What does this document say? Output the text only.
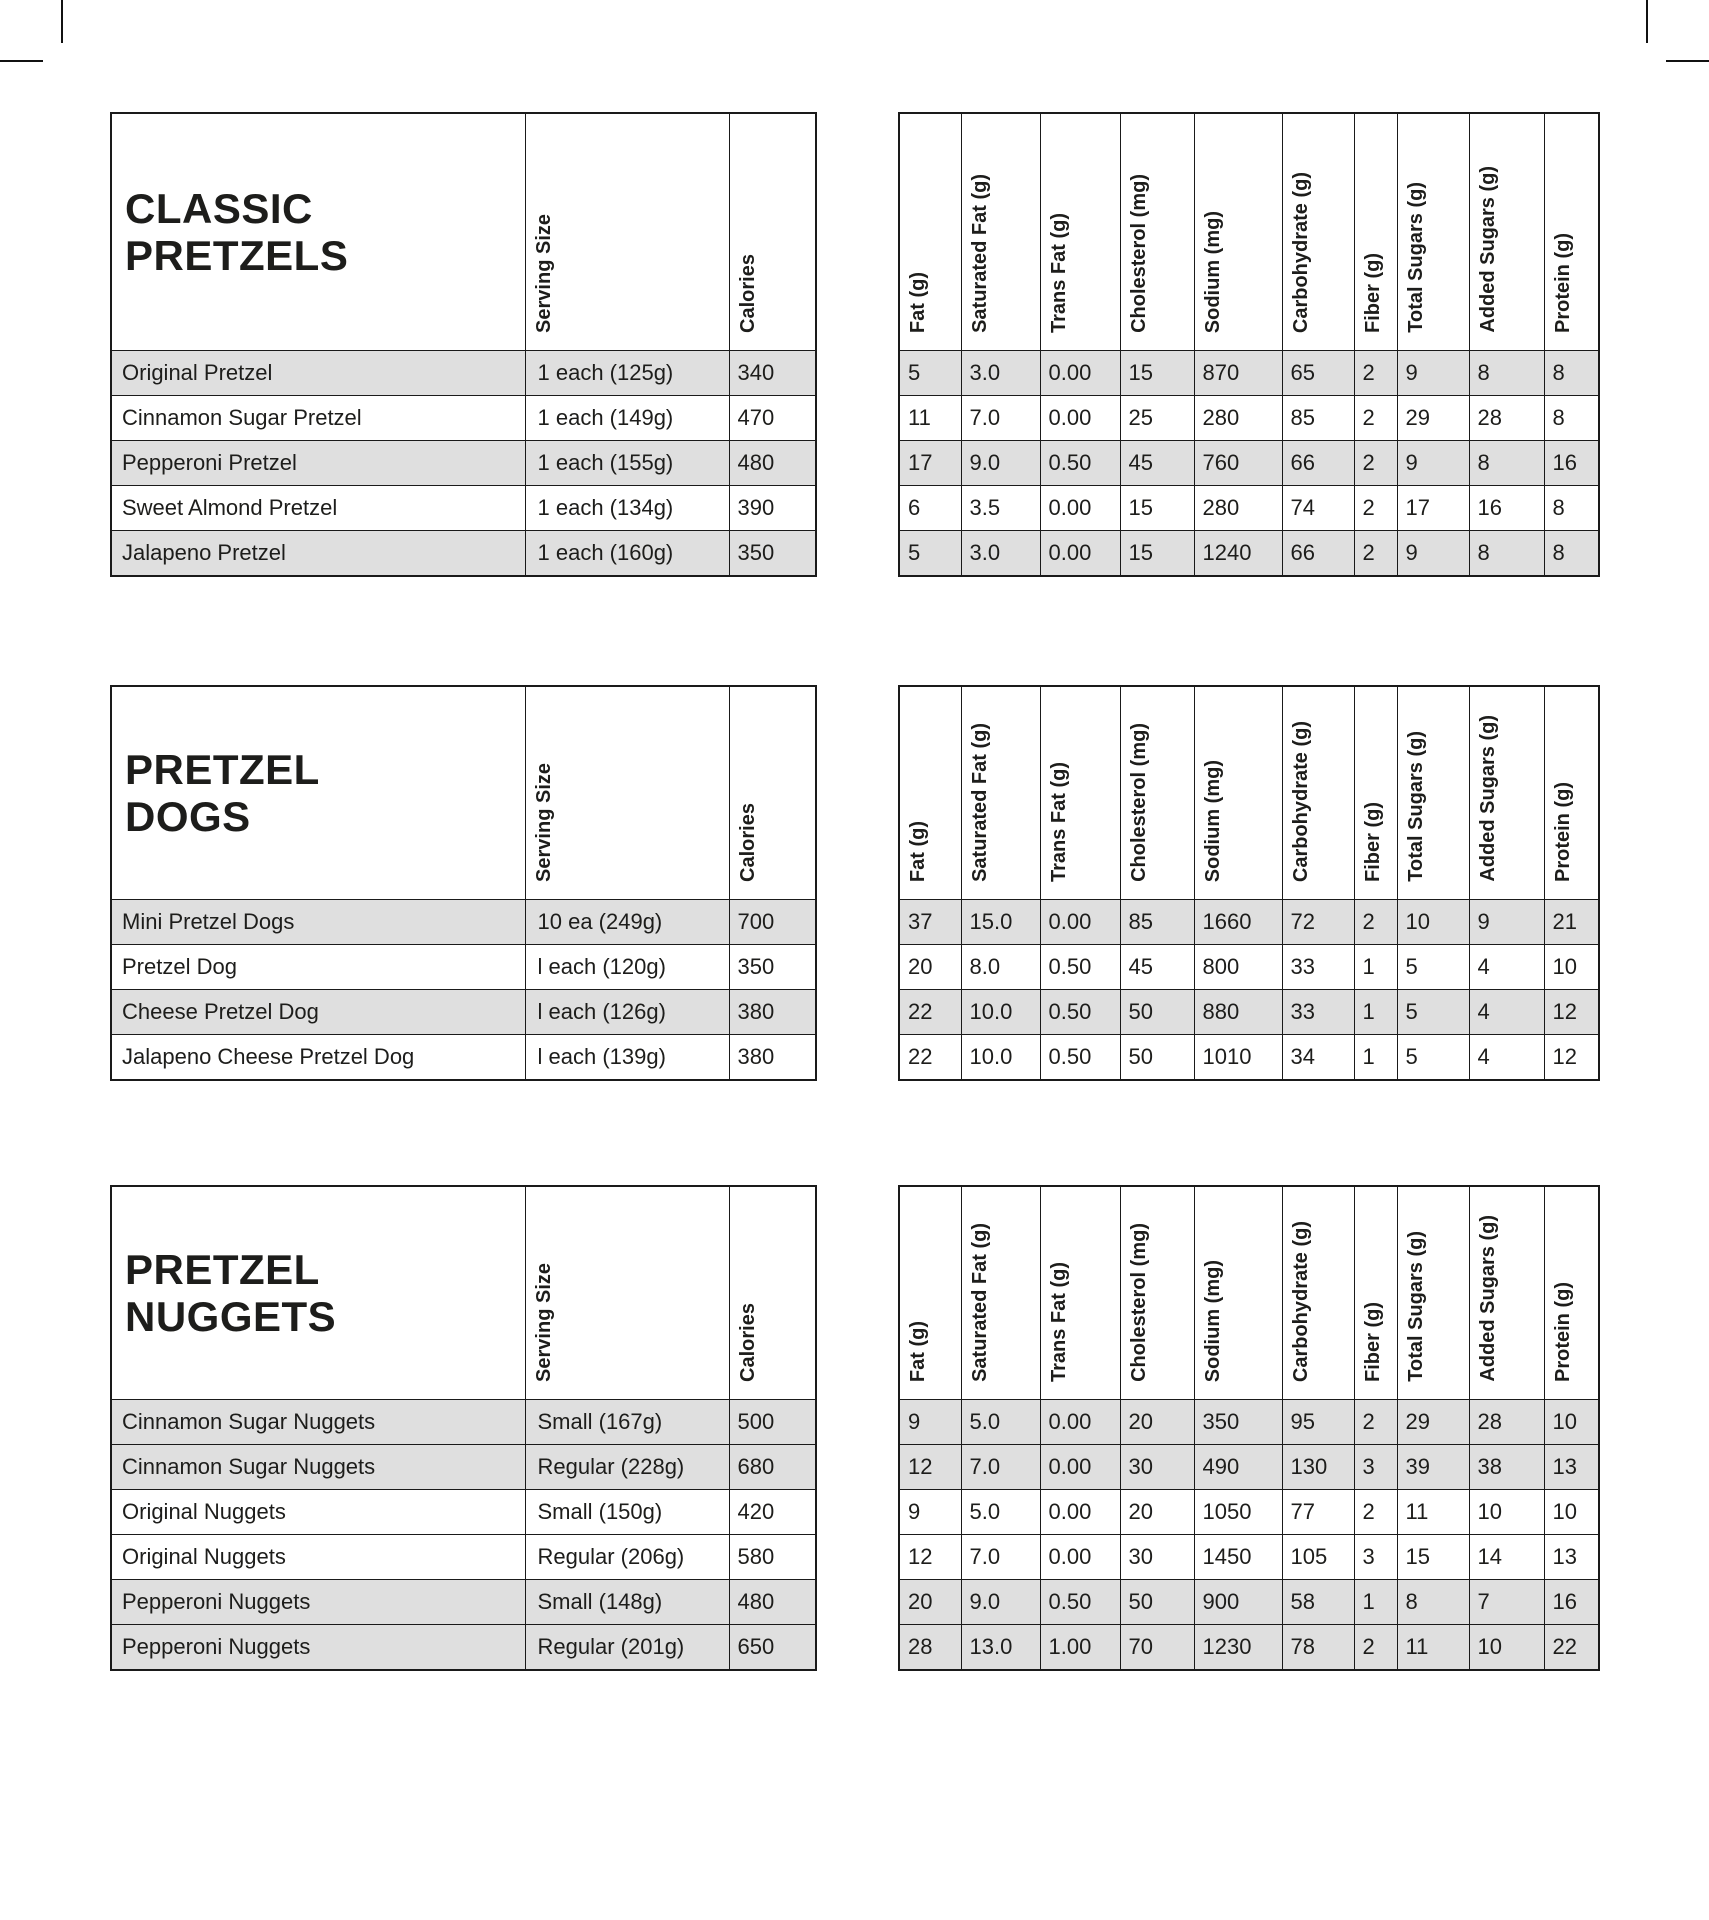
CLASSIC
PRETZELS	Serving Size	Calories
Original Pretzel	1 each (125g)	340
Cinnamon Sugar Pretzel	1 each (149g)	470
Pepperoni Pretzel	1 each (155g)	480
Sweet Almond Pretzel	1 each (134g)	390
Jalapeno Pretzel	1 each (160g)	350
Fat (g)	Saturated Fat (g)	Trans Fat (g)	Cholesterol (mg)	Sodium (mg)	Carbohydrate (g)	Fiber (g)	Total Sugars (g)	Added Sugars (g)	Protein (g)
5	3.0	0.00	15	870	65	2	9	8	8
11	7.0	0.00	25	280	85	2	29	28	8
17	9.0	0.50	45	760	66	2	9	8	16
6	3.5	0.00	15	280	74	2	17	16	8
5	3.0	0.00	15	1240	66	2	9	8	8
PRETZEL
DOGS	Serving Size	Calories
Mini Pretzel Dogs	10 ea (249g)	700
Pretzel Dog	l each (120g)	350
Cheese Pretzel Dog	l each (126g)	380
Jalapeno Cheese Pretzel Dog	l each (139g)	380
Fat (g)	Saturated Fat (g)	Trans Fat (g)	Cholesterol (mg)	Sodium (mg)	Carbohydrate (g)	Fiber (g)	Total Sugars (g)	Added Sugars (g)	Protein (g)
37	15.0	0.00	85	1660	72	2	10	9	21
20	8.0	0.50	45	800	33	1	5	4	10
22	10.0	0.50	50	880	33	1	5	4	12
22	10.0	0.50	50	1010	34	1	5	4	12
PRETZEL
NUGGETS	Serving Size	Calories
Cinnamon Sugar Nuggets	Small (167g)	500
Cinnamon Sugar Nuggets	Regular (228g)	680
Original Nuggets	Small (150g)	420
Original Nuggets	Regular (206g)	580
Pepperoni Nuggets	Small (148g)	480
Pepperoni Nuggets	Regular (201g)	650
Fat (g)	Saturated Fat (g)	Trans Fat (g)	Cholesterol (mg)	Sodium (mg)	Carbohydrate (g)	Fiber (g)	Total Sugars (g)	Added Sugars (g)	Protein (g)
9	5.0	0.00	20	350	95	2	29	28	10
12	7.0	0.00	30	490	130	3	39	38	13
9	5.0	0.00	20	1050	77	2	11	10	10
12	7.0	0.00	30	1450	105	3	15	14	13
20	9.0	0.50	50	900	58	1	8	7	16
28	13.0	1.00	70	1230	78	2	11	10	22
